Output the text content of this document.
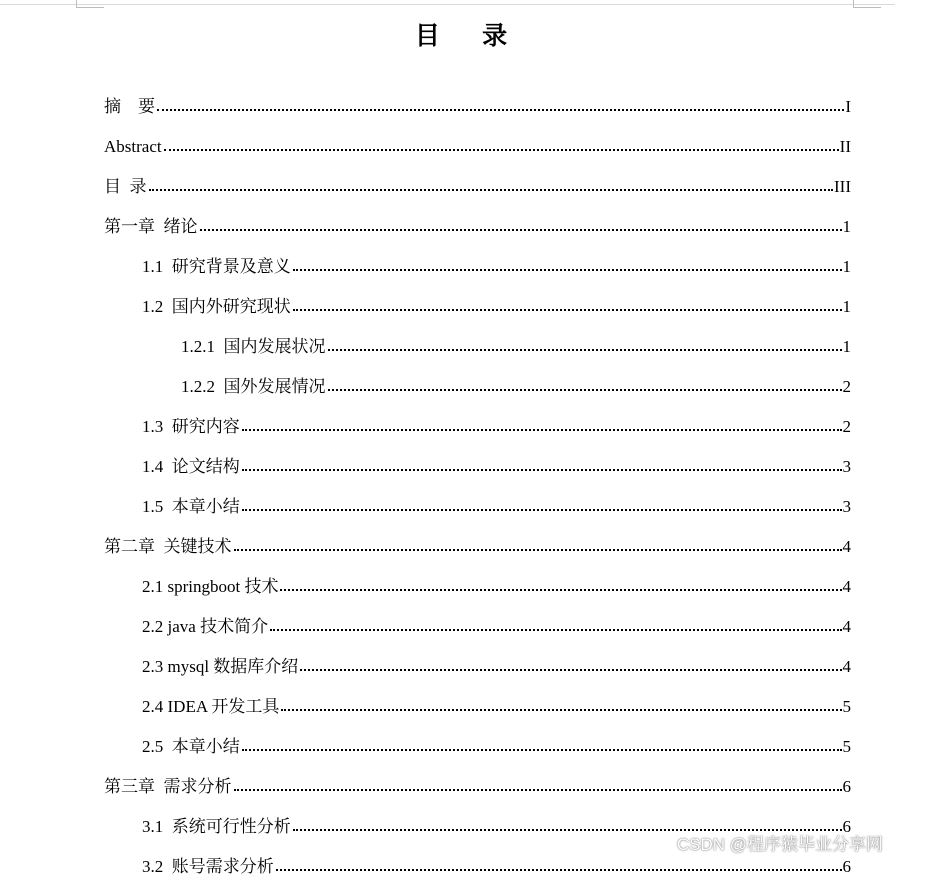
目 录
摘    要	I
Abstract	II
目  录	III
第一章  绪论	1
1.1  研究背景及意义	1
1.2  国内外研究现状	1
1.2.1  国内发展状况	1
1.2.2  国外发展情况	2
1.3  研究内容	2
1.4  论文结构	3
1.5  本章小结	3
第二章  关键技术	4
2.1 springboot 技术	4
2.2 java 技术简介	4
2.3 mysql 数据库介绍	4
2.4 IDEA 开发工具	5
2.5  本章小结	5
第三章  需求分析	6
3.1  系统可行性分析	6
3.2  账号需求分析	6
CSDN @程序猿毕业分享网
